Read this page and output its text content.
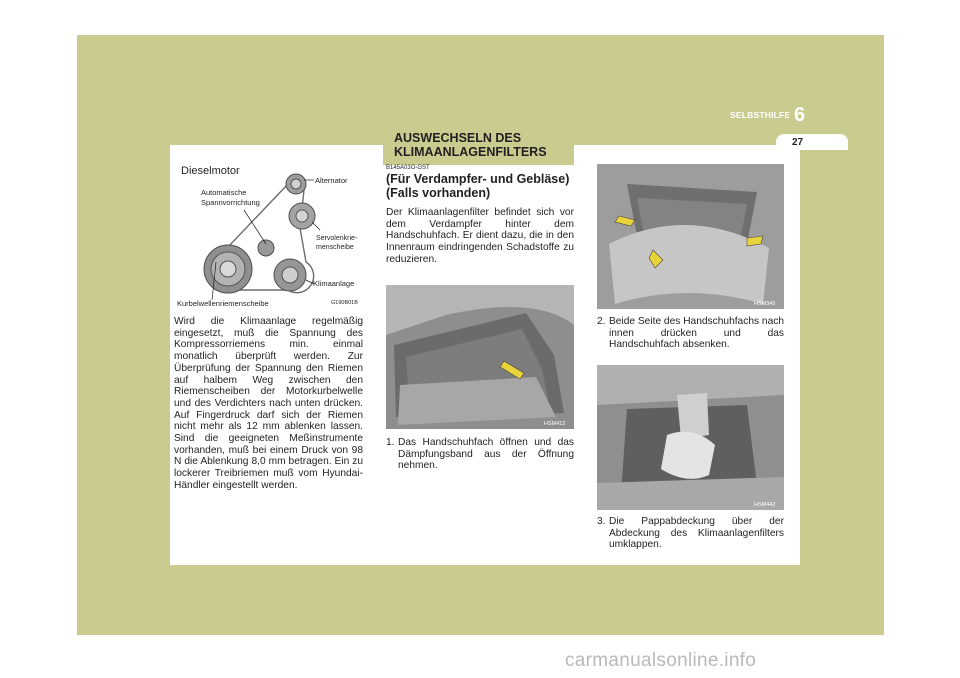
SELBSTHILFE 6
27
AUSWECHSELN DES KLIMAANLAGENFILTERS
Dieselmotor
Alternator
Automatische
Spannvorrichtung
Servolenkrie-
menscheibe
Klimaanlage
Kurbelwellenriemenscheibe	G190B01B
Wird die Klimaanlage regelmäßig eingesetzt, muß die Spannung des Kompressorriemens min. einmal monatlich überprüft werden. Zur Überprüfung der Spannung den Riemen auf halbem Weg zwischen den Riemenscheiben der Motorkurbelwelle und des Verdichters nach unten drücken. Auf Fingerdruck darf sich der Riemen nicht mehr als 12 mm ablenken lassen. Sind die geeigneten Meßinstrumente vorhanden, muß bei einem Druck von 98 N die Ablenkung 8,0 mm betragen. Ein zu lockerer Treibriemen muß vom Hyundai-Händler eingestellt werden.
B145A03O-GST
(Für Verdampfer- und Gebläse) (Falls vorhanden)
Der Klimaanlagenfilter befindet sich vor dem Verdampfer hinter dem Handschuhfach. Er dient dazu, die in den Innenraum eindringenden Schadstoffe zu reduzieren.
HSM412
1. Das Handschuhfach öffnen und das Dämpfungsband aus der Öffnung nehmen.
HSM345
2. Beide Seite des Handschuhfachs nach innen drücken und das Handschuhfach absenken.
HSM442
3. Die Pappabdeckung über der Abdeckung des Klimaanlagenfilters umklappen.
carmanualsonline.info
